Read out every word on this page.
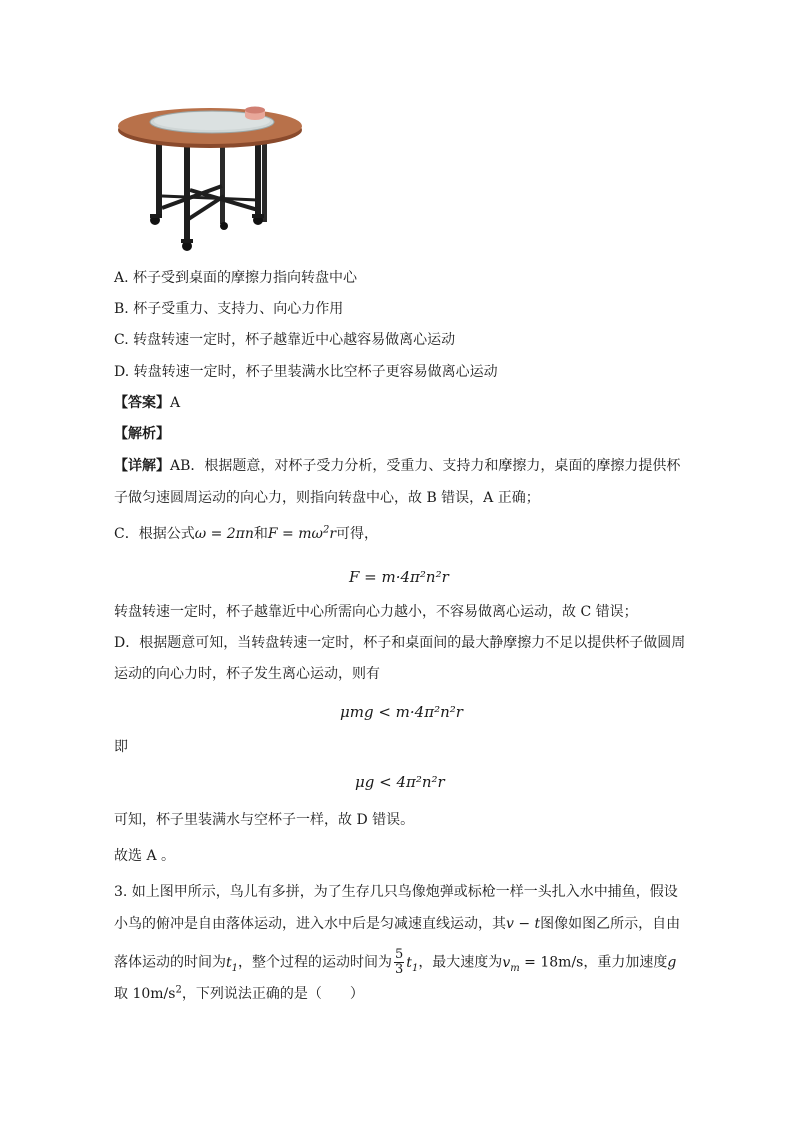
A. 杯子受到桌面的摩擦力指向转盘中心
B. 杯子受重力、支持力、向心力作用
C. 转盘转速一定时，杯子越靠近中心越容易做离心运动
D. 转盘转速一定时，杯子里装满水比空杯子更容易做离心运动
【答案】A
【解析】
【详解】AB．根据题意，对杯子受力分析，受重力、支持力和摩擦力，桌面的摩擦力提供杯
子做匀速圆周运动的向心力，则指向转盘中心，故 B 错误，A 正确；
C．根据公式ω = 2πn和$F = m\omega^2r$可得，
F = m·4π²n²r
转盘转速一定时，杯子越靠近中心所需向心力越小，不容易做离心运动，故 C 错误；
D．根据题意可知，当转盘转速一定时，杯子和桌面间的最大静摩擦力不足以提供杯子做圆周
运动的向心力时，杯子发生离心运动，则有
μmg < m·4π²n²r
即
μg < 4π²n²r
可知，杯子里装满水与空杯子一样，故 D 错误。
故选 A 。
3. 如上图甲所示，鸟儿有多拼，为了生存几只鸟像炮弹或标枪一样一头扎入水中捕鱼，假设
小鸟的俯冲是自由落体运动，进入水中后是匀减速直线运动，其v − t图像如图乙所示，自由
落体运动的时间为$t_1$，整个过程的运动时间为 $\frac{5}{3} t_1$，最大速度为$v_m = 18m/s$，重力加速度g
取 $10m/s^2$，下列说法正确的是（　　）
